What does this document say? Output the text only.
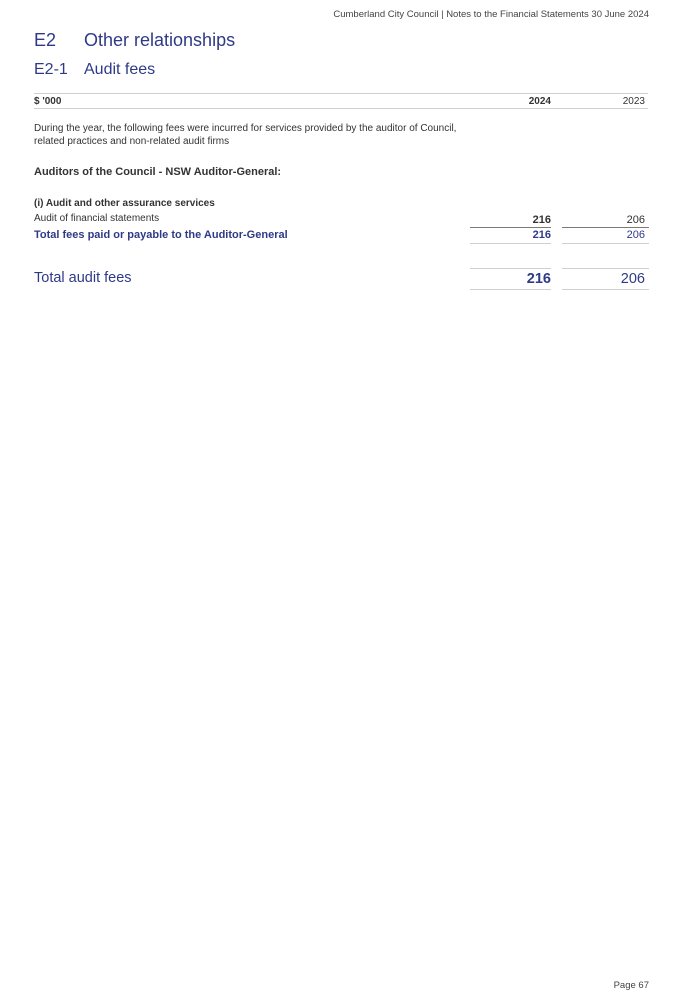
Cumberland City Council | Notes to the Financial Statements 30 June 2024
E2 Other relationships
E2-1 Audit fees
$ '000	2024	2023
During the year, the following fees were incurred for services provided by the auditor of Council, related practices and non-related audit firms
Auditors of the Council - NSW Auditor-General:
(i) Audit and other assurance services
Audit of financial statements	216	206
Total fees paid or payable to the Auditor-General	216	206
Total audit fees	216	206
Page 67
